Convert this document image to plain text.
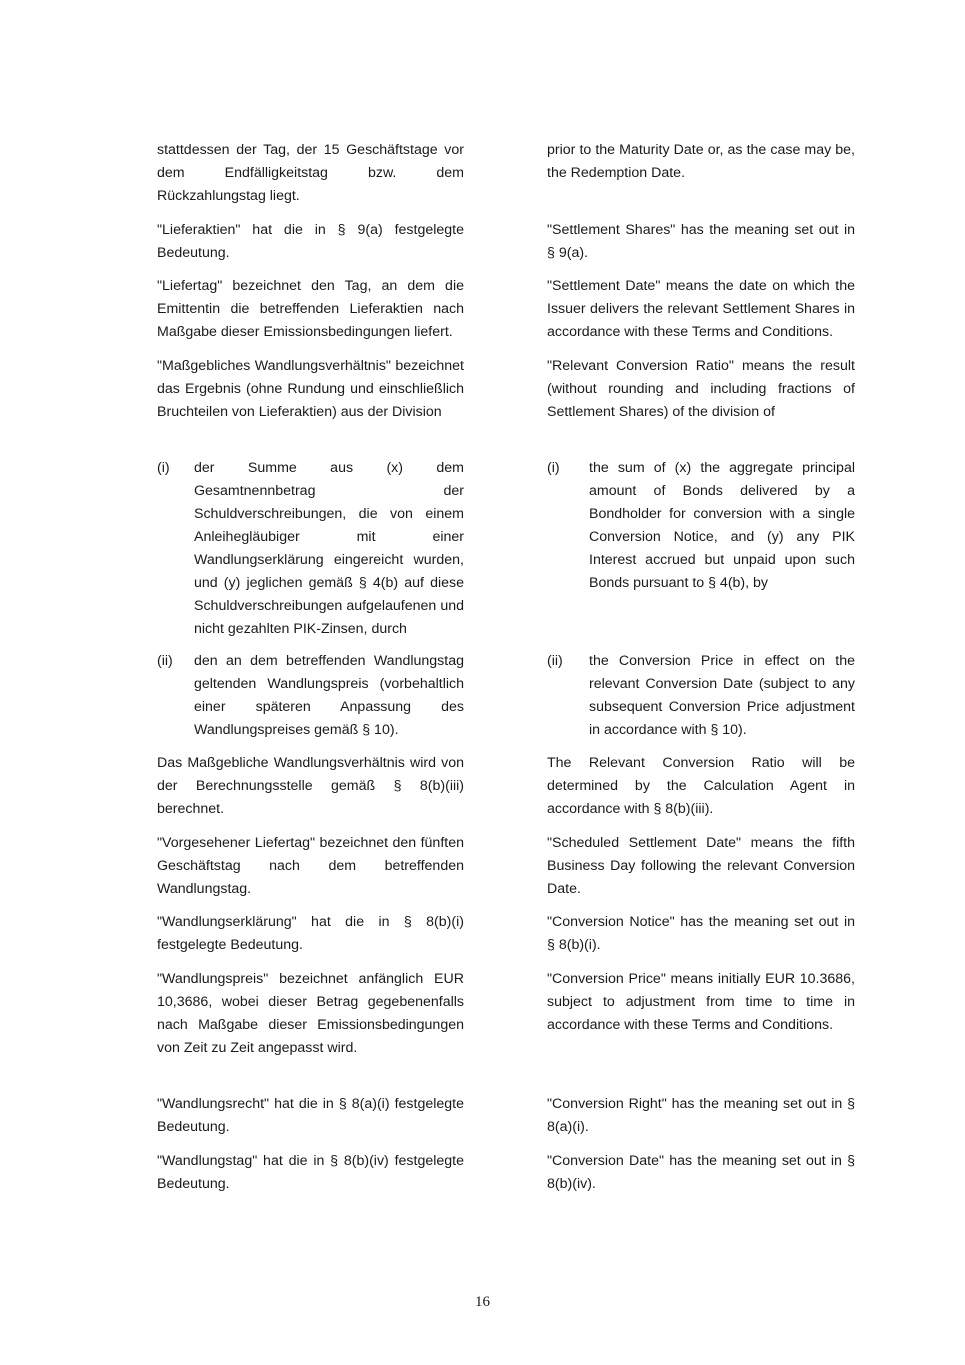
stattdessen der Tag, der 15 Geschäftstage vor dem Endfälligkeitstag bzw. dem Rückzahlungstag liegt.
"Lieferaktien" hat die in § 9(a) festgelegte Bedeutung.
"Liefertag" bezeichnet den Tag, an dem die Emittentin die betreffenden Lieferaktien nach Maßgabe dieser Emissionsbedingungen liefert.
"Maßgebliches Wandlungsverhältnis" bezeichnet das Ergebnis (ohne Rundung und einschließlich Bruchteilen von Lieferaktien) aus der Division
(i) der Summe aus (x) dem Gesamtnennbetrag der Schuldverschreibungen, die von einem Anleihegläubiger mit einer Wandlungserklärung eingereicht wurden, und (y) jeglichen gemäß § 4(b) auf diese Schuldverschreibungen aufgelaufenen und nicht gezahlten PIK-Zinsen, durch
(ii) den an dem betreffenden Wandlungstag geltenden Wandlungspreis (vorbehaltlich einer späteren Anpassung des Wandlungspreises gemäß § 10).
Das Maßgebliche Wandlungsverhältnis wird von der Berechnungsstelle gemäß § 8(b)(iii) berechnet.
"Vorgesehener Liefertag" bezeichnet den fünften Geschäftstag nach dem betreffenden Wandlungstag.
"Wandlungserklärung" hat die in § 8(b)(i) festgelegte Bedeutung.
"Wandlungspreis" bezeichnet anfänglich EUR 10,3686, wobei dieser Betrag gegebenenfalls nach Maßgabe dieser Emissionsbedingungen von Zeit zu Zeit angepasst wird.
"Wandlungsrecht" hat die in § 8(a)(i) festgelegte Bedeutung.
"Wandlungstag" hat die in § 8(b)(iv) festgelegte Bedeutung.
prior to the Maturity Date or, as the case may be, the Redemption Date.
"Settlement Shares" has the meaning set out in § 9(a).
"Settlement Date" means the date on which the Issuer delivers the relevant Settlement Shares in accordance with these Terms and Conditions.
"Relevant Conversion Ratio" means the result (without rounding and including fractions of Settlement Shares) of the division of
(i) the sum of (x) the aggregate principal amount of Bonds delivered by a Bondholder for conversion with a single Conversion Notice, and (y) any PIK Interest accrued but unpaid upon such Bonds pursuant to § 4(b), by
(ii) the Conversion Price in effect on the relevant Conversion Date (subject to any subsequent Conversion Price adjustment in accordance with § 10).
The Relevant Conversion Ratio will be determined by the Calculation Agent in accordance with § 8(b)(iii).
"Scheduled Settlement Date" means the fifth Business Day following the relevant Conversion Date.
"Conversion Notice" has the meaning set out in § 8(b)(i).
"Conversion Price" means initially EUR 10.3686, subject to adjustment from time to time in accordance with these Terms and Conditions.
"Conversion Right" has the meaning set out in § 8(a)(i).
"Conversion Date" has the meaning set out in § 8(b)(iv).
16
